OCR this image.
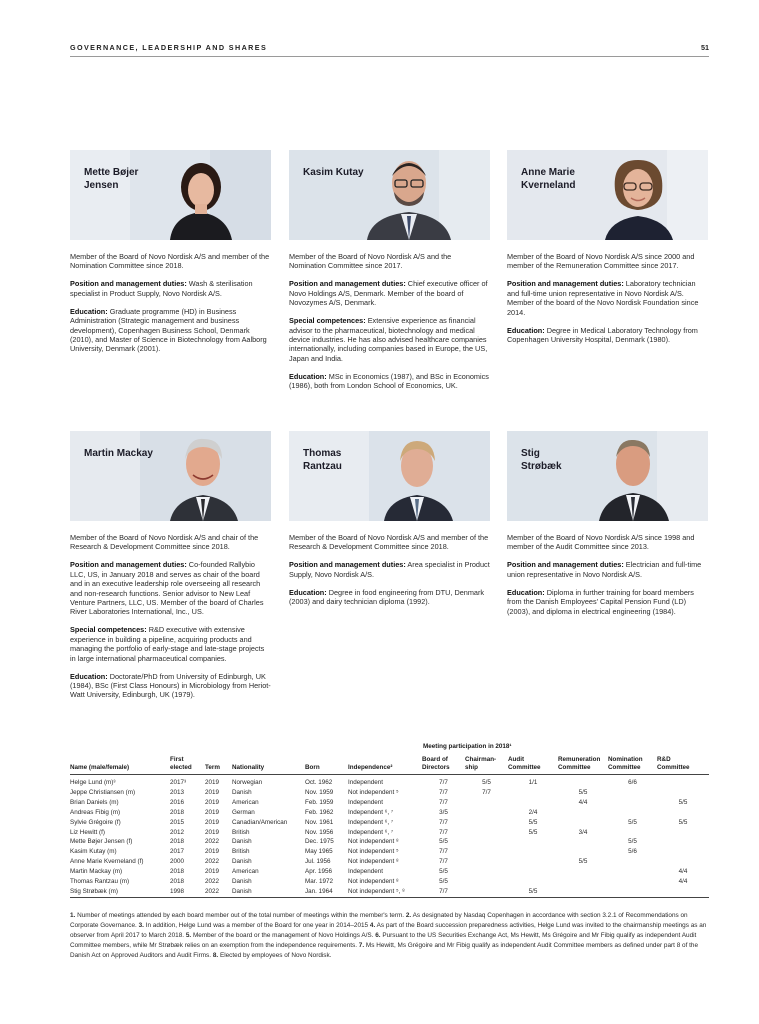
GOVERNANCE, LEADERSHIP AND SHARES	51
Mette Bøjer
Jensen

Member of the Board of Novo Nordisk A/S and member of the Nomination Committee since 2018.

Position and management duties: Wash & sterilisation specialist in Product Supply, Novo Nordisk A/S.

Education: Graduate programme (HD) in Business Administration (Strategic management and business development), Copenhagen Business School, Denmark (2010), and Master of Science in Biotechnology from Aalborg University, Denmark (2001).

Kasim Kutay

Member of the Board of Novo Nordisk A/S and the Nomination Committee since 2017.

Position and management duties: Chief executive officer of Novo Holdings A/S, Denmark. Member of the board of Novozymes A/S, Denmark.

Special competences: Extensive experience as financial advisor to the pharmaceutical, biotechnology and medical device industries. He has also advised healthcare companies internationally, including companies based in Europe, the US, Japan and India.

Education: MSc in Economics (1987), and BSc in Economics (1986), both from London School of Economics, UK.

Anne Marie
Kverneland

Member of the Board of Novo Nordisk A/S since 2000 and member of the Remuneration Committee since 2017.

Position and management duties: Laboratory technician and full-time union representative in Novo Nordisk A/S. Member of the board of the Novo Nordisk Foundation since 2014.

Education: Degree in Medical Laboratory Technology from Copenhagen University Hospital, Denmark (1980).

Martin Mackay

Member of the Board of Novo Nordisk A/S and chair of the Research & Development Committee since 2018.

Position and management duties: Co-founded Rallybio LLC, US, in January 2018 and serves as chair of the board and in an executive leadership role overseeing all research and non-research functions. Senior advisor to New Leaf Venture Partners, LLC, US. Member of the board of Charles River Laboratories International, Inc., US.

Special competences: R&D executive with extensive experience in building a pipeline, acquiring products and managing the portfolio of early-stage and late-stage projects in large international pharmaceutical companies.

Education: Doctorate/PhD from University of Edinburgh, UK (1984), BSc (First Class Honours) in Microbiology from Heriot-Watt University, Edinburgh, UK (1979).

Thomas
Rantzau

Member of the Board of Novo Nordisk A/S and member of the Research & Development Committee since 2018.

Position and management duties: Area specialist in Product Supply, Novo Nordisk A/S.

Education: Degree in food engineering from DTU, Denmark (2003) and dairy technician diploma (1992).

Stig
Strøbæk

Member of the Board of Novo Nordisk A/S since 1998 and member of the Audit Committee since 2013.

Position and management duties: Electrician and full-time union representative in Novo Nordisk A/S.

Education: Diploma in further training for board members from the Danish Employees' Capital Pension Fund (LD) (2003), and diploma in electrical engineering (1984).

Meeting participation in 2018¹
Name (male/female)	First
elected	Term	Nationality	Born	Independence²	Board of
Directors	Chairman-
ship	Audit
Committee	Remuneration
Committee	Nomination
Committee	R&D
Committee
Helge Lund (m)³	2017³	2019	Norwegian	Oct. 1962	Independent	7/7	5/5	1/1		6/6	
Jeppe Christiansen (m)	2013	2019	Danish	Nov. 1959	Not independent ⁵	7/7	7/7		5/5		
Brian Daniels (m)	2016	2019	American	Feb. 1959	Independent	7/7			4/4		5/5
Andreas Fibig (m)	2018	2019	German	Feb. 1962	Independent ⁶, ⁷	3/5		2/4			
Sylvie Grégoire (f)	2015	2019	Canadian/American	Nov. 1961	Independent ⁶, ⁷	7/7		5/5		5/5	5/5
Liz Hewitt (f)	2012	2019	British	Nov. 1956	Independent ⁶, ⁷	7/7		5/5	3/4		
Mette Bøjer Jensen (f)	2018	2022	Danish	Dec. 1975	Not independent ⁸	5/5				5/5	
Kasim Kutay (m)	2017	2019	British	May 1965	Not independent ⁵	7/7				5/6	
Anne Marie Kverneland (f)	2000	2022	Danish	Jul. 1956	Not independent ⁸	7/7			5/5		
Martin Mackay (m)	2018	2019	American	Apr. 1956	Independent	5/5					4/4
Thomas Rantzau (m)	2018	2022	Danish	Mar. 1972	Not independent ⁸	5/5					4/4
Stig Strøbæk (m)	1998	2022	Danish	Jan. 1964	Not independent ⁵, ⁸	7/7		5/5			
1. Number of meetings attended by each board member out of the total number of meetings within the member's term. 2. As designated by Nasdaq Copenhagen in accordance with section 3.2.1 of Recommendations on Corporate Governance. 3. In addition, Helge Lund was a member of the Board for one year in 2014–2015 4. As part of the Board succession preparedness activities, Helge Lund was invited to the chairmanship meetings as an observer from April 2017 to March 2018. 5. Member of the board or the management of Novo Holdings A/S. 6. Pursuant to the US Securities Exchange Act, Ms Hewitt, Ms Grégoire and Mr Fibig qualify as independent Audit Committee members, while Mr Strøbæk relies on an exemption from the independence requirements. 7. Ms Hewitt, Ms Grégoire and Mr Fibig qualify as independent Audit Committee members as defined under part 8 of the Danish Act on Approved Auditors and Audit Firms. 8. Elected by employees of Novo Nordisk.
